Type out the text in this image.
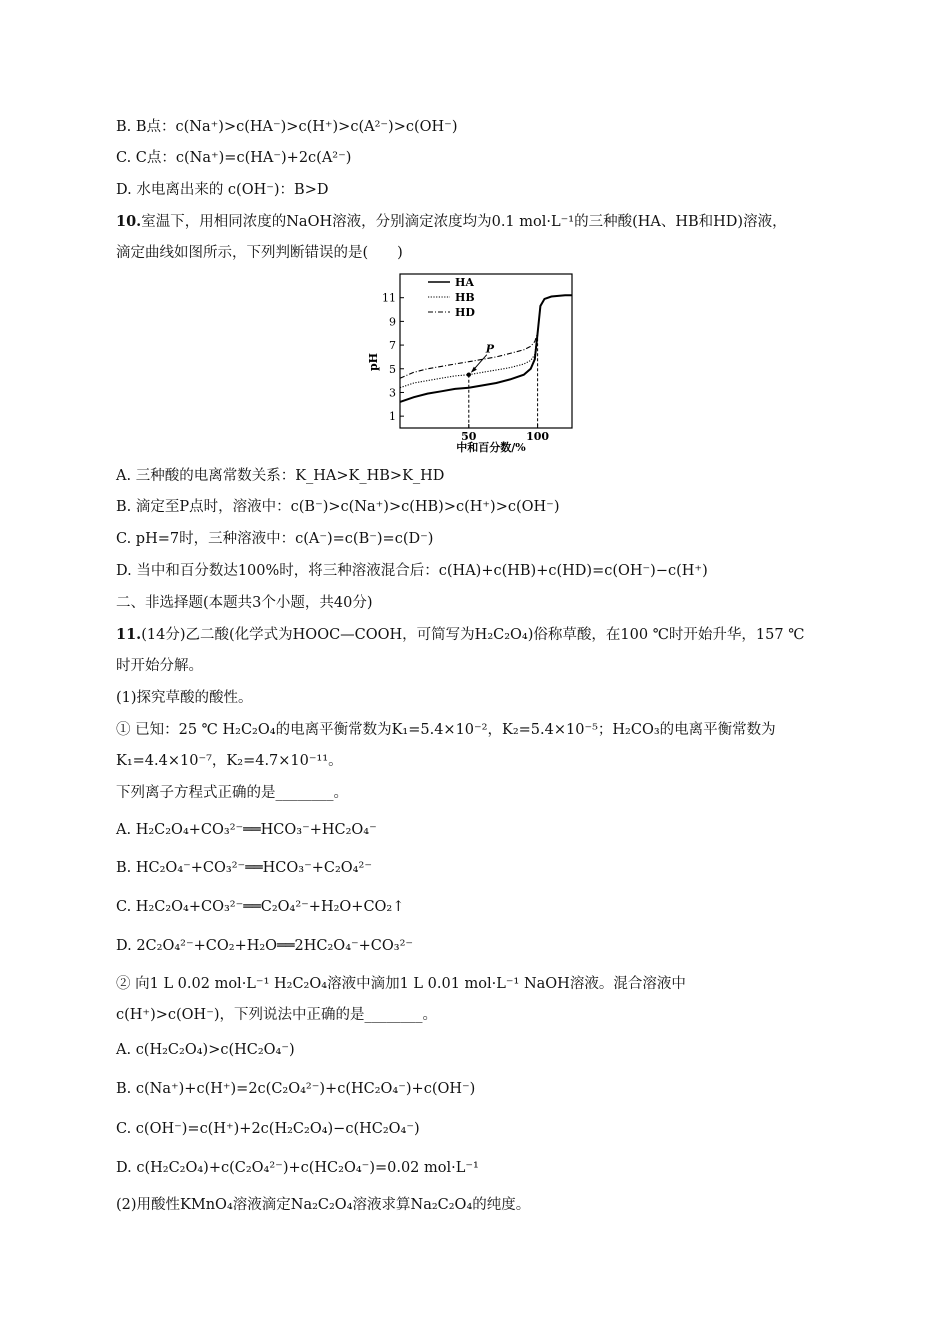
B. B点：c(Na⁺)>c(HA⁻)>c(H⁺)>c(A²⁻)>c(OH⁻)
C. C点：c(Na⁺)=c(HA⁻)+2c(A²⁻)
D. 水电离出来的 c(OH⁻)：B>D
10.室温下，用相同浓度的NaOH溶液，分别滴定浓度均为0.1 mol·L⁻¹的三种酸(HA、HB和HD)溶液，
滴定曲线如图所示，下列判断错误的是(　　)
HA
HB
HD
1
3
5
7
9
11
50	100
P
pH
中和百分数/%
A. 三种酸的电离常数关系：K_HA>K_HB>K_HD
B. 滴定至P点时，溶液中：c(B⁻)>c(Na⁺)>c(HB)>c(H⁺)>c(OH⁻)
C. pH=7时，三种溶液中：c(A⁻)=c(B⁻)=c(D⁻)
D. 当中和百分数达100%时，将三种溶液混合后：c(HA)+c(HB)+c(HD)=c(OH⁻)−c(H⁺)
二、非选择题(本题共3个小题，共40分)
11.(14分)乙二酸(化学式为HOOC—COOH，可简写为H₂C₂O₄)俗称草酸，在100 ℃时开始升华，157 ℃
时开始分解。
(1)探究草酸的酸性。
① 已知：25 ℃ H₂C₂O₄的电离平衡常数为K₁=5.4×10⁻²，K₂=5.4×10⁻⁵；H₂CO₃的电离平衡常数为
K₁=4.4×10⁻⁷，K₂=4.7×10⁻¹¹。
下列离子方程式正确的是________。
A. H₂C₂O₄+CO₃²⁻══HCO₃⁻+HC₂O₄⁻
B. HC₂O₄⁻+CO₃²⁻══HCO₃⁻+C₂O₄²⁻
C. H₂C₂O₄+CO₃²⁻══C₂O₄²⁻+H₂O+CO₂↑
D. 2C₂O₄²⁻+CO₂+H₂O══2HC₂O₄⁻+CO₃²⁻
② 向1 L 0.02 mol·L⁻¹ H₂C₂O₄溶液中滴加1 L 0.01 mol·L⁻¹ NaOH溶液。混合溶液中
c(H⁺)>c(OH⁻)，下列说法中正确的是________。
A. c(H₂C₂O₄)>c(HC₂O₄⁻)
B. c(Na⁺)+c(H⁺)=2c(C₂O₄²⁻)+c(HC₂O₄⁻)+c(OH⁻)
C. c(OH⁻)=c(H⁺)+2c(H₂C₂O₄)−c(HC₂O₄⁻)
D. c(H₂C₂O₄)+c(C₂O₄²⁻)+c(HC₂O₄⁻)=0.02 mol·L⁻¹
(2)用酸性KMnO₄溶液滴定Na₂C₂O₄溶液求算Na₂C₂O₄的纯度。
